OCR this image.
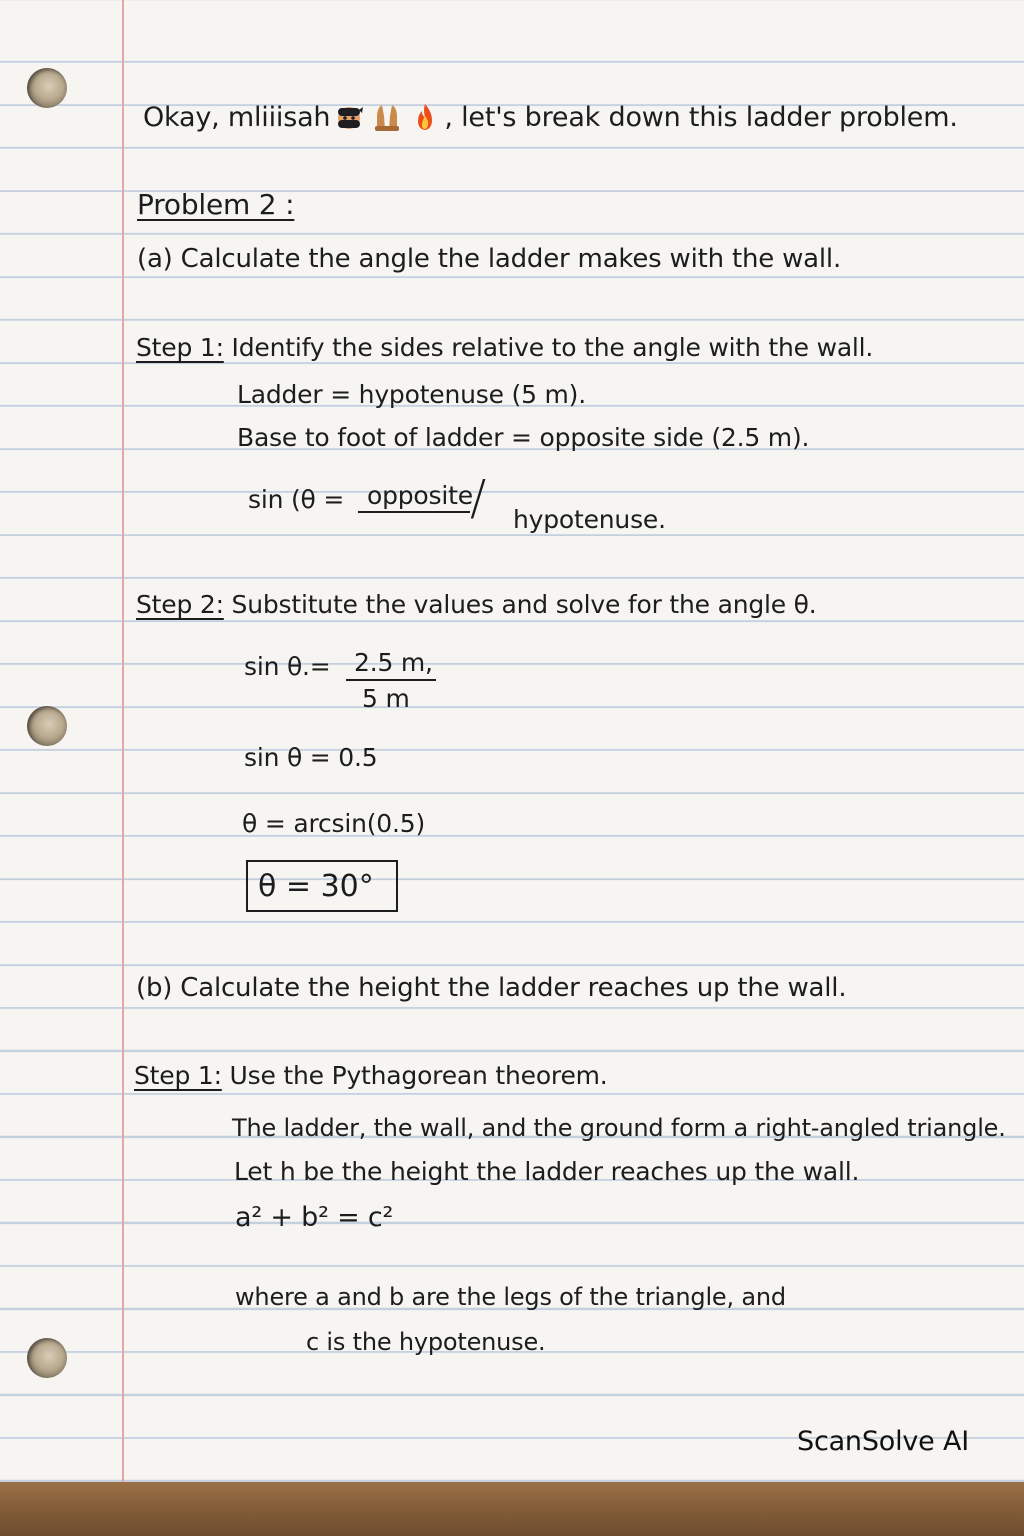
Okay, mliiisah	, let's break down this ladder problem.
Problem 2 :
(a) Calculate the angle the ladder makes with the wall.
Step 1: Identify the sides relative to the angle with the wall.
Ladder = hypotenuse (5 m).
Base to foot of ladder = opposite side (2.5 m).
sin (θ = opposite
/ hypotenuse.
Step 2: Substitute the values and solve for the angle θ.
sin θ.= 2.5 m,
5 m
sin θ = 0.5
θ = arcsin(0.5)
θ = 30°
(b) Calculate the height the ladder reaches up the wall.
Step 1: Use the Pythagorean theorem.
The ladder, the wall, and the ground form a right-angled triangle.
Let h be the height the ladder reaches up the wall.
a² + b² = c²
where a and b are the legs of the triangle, and
c is the hypotenuse.
ScanSolve AI
